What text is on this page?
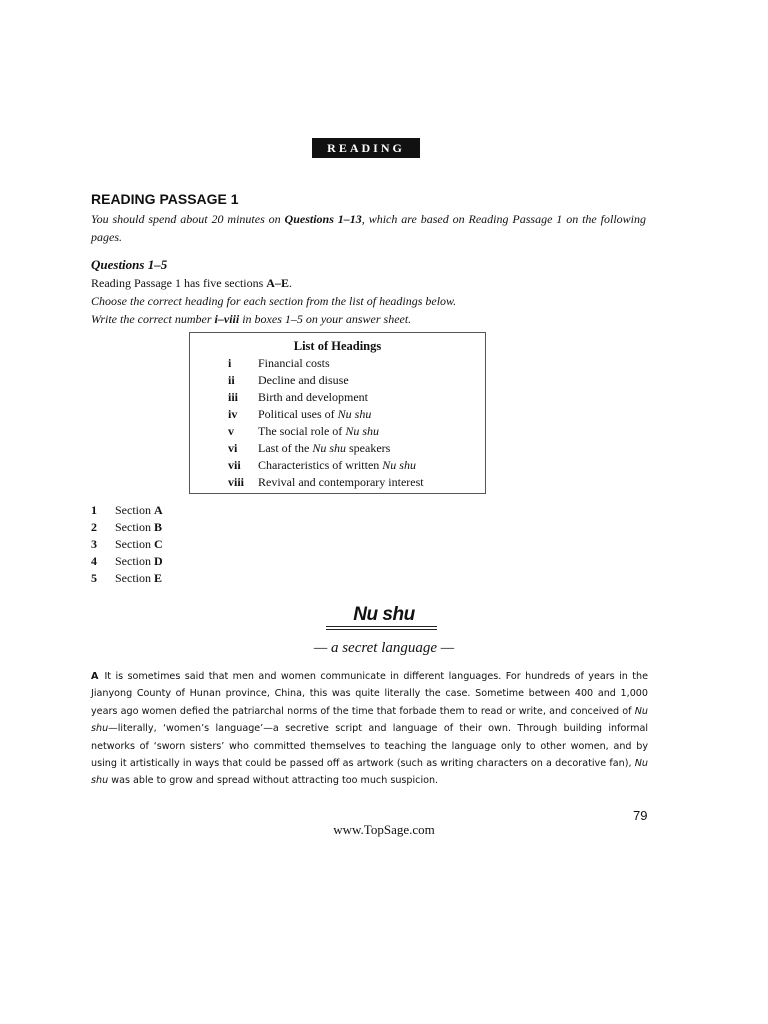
READING
READING PASSAGE 1
You should spend about 20 minutes on Questions 1–13, which are based on Reading Passage 1 on the following pages.
Questions 1–5
Reading Passage 1 has five sections A–E.
Choose the correct heading for each section from the list of headings below.
Write the correct number i–viii in boxes 1–5 on your answer sheet.
List of Headings
i Financial costs
ii Decline and disuse
iii Birth and development
iv Political uses of Nu shu
v The social role of Nu shu
vi Last of the Nu shu speakers
vii Characteristics of written Nu shu
viii Revival and contemporary interest
1 Section A
2 Section B
3 Section C
4 Section D
5 Section E
Nu shu
— a secret language —
A It is sometimes said that men and women communicate in different languages. For hundreds of years in the Jianyong County of Hunan province, China, this was quite literally the case. Sometime between 400 and 1,000 years ago women defied the patriarchal norms of the time that forbade them to read or write, and conceived of Nu shu—literally, ‘women’s language’—a secretive script and language of their own. Through building informal networks of ‘sworn sisters’ who committed themselves to teaching the language only to other women, and by using it artistically in ways that could be passed off as artwork (such as writing characters on a decorative fan), Nu shu was able to grow and spread without attracting too much suspicion.
79
www.TopSage.com
